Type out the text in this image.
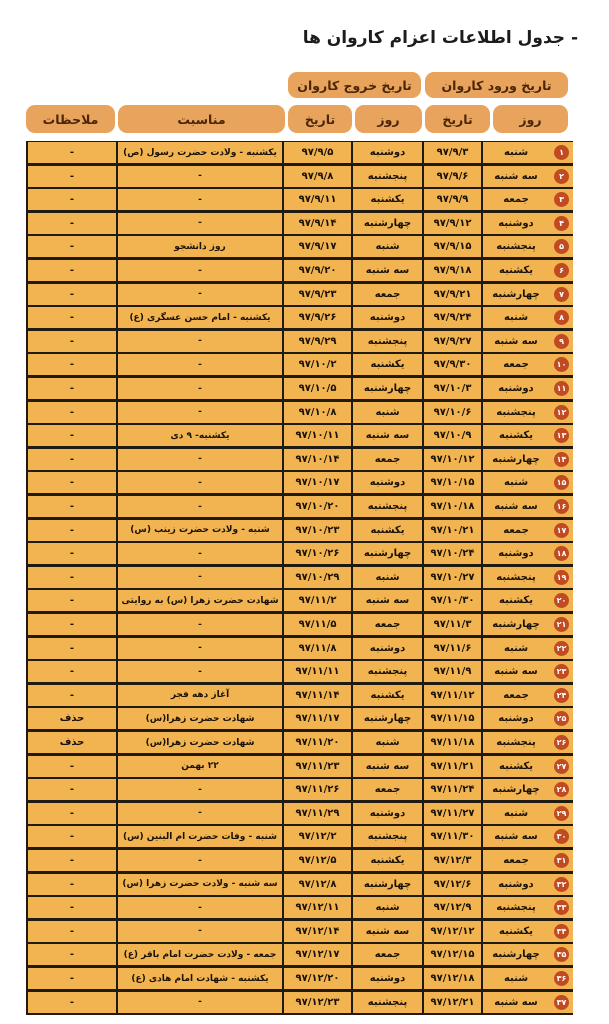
- جدول اطلاعات اعزام کاروان ها
تاریخ ورود کاروان
تاریخ خروج کاروان
روز
تاریخ
روز
تاریخ
مناسبت
ملاحظات
۱
شنبه
۹۷/۹/۳
دوشنبه
۹۷/۹/۵
یکشنبه - ولادت حضرت رسول (ص)
-
۲
سه شنبه
۹۷/۹/۶
پنجشنبه
۹۷/۹/۸
-
-
۳
جمعه
۹۷/۹/۹
یکشنبه
۹۷/۹/۱۱
-
-
۴
دوشنبه
۹۷/۹/۱۲
چهارشنبه
۹۷/۹/۱۴
-
-
۵
پنجشنبه
۹۷/۹/۱۵
شنبه
۹۷/۹/۱۷
روز دانشجو
-
۶
یکشنبه
۹۷/۹/۱۸
سه شنبه
۹۷/۹/۲۰
-
-
۷
چهارشنبه
۹۷/۹/۲۱
جمعه
۹۷/۹/۲۳
-
-
۸
شنبه
۹۷/۹/۲۴
دوشنبه
۹۷/۹/۲۶
یکشنبه - امام حسن عسگری (ع)
-
۹
سه شنبه
۹۷/۹/۲۷
پنجشنبه
۹۷/۹/۲۹
-
-
۱۰
جمعه
۹۷/۹/۳۰
یکشنبه
۹۷/۱۰/۲
-
-
۱۱
دوشنبه
۹۷/۱۰/۳
چهارشنبه
۹۷/۱۰/۵
-
-
۱۲
پنجشنبه
۹۷/۱۰/۶
شنبه
۹۷/۱۰/۸
-
-
۱۳
یکشنبه
۹۷/۱۰/۹
سه شنبه
۹۷/۱۰/۱۱
یکشنبه- ۹ دی
-
۱۴
چهارشنبه
۹۷/۱۰/۱۲
جمعه
۹۷/۱۰/۱۴
-
-
۱۵
شنبه
۹۷/۱۰/۱۵
دوشنبه
۹۷/۱۰/۱۷
-
-
۱۶
سه شنبه
۹۷/۱۰/۱۸
پنجشنبه
۹۷/۱۰/۲۰
-
-
۱۷
جمعه
۹۷/۱۰/۲۱
یکشنبه
۹۷/۱۰/۲۳
شنبه - ولادت حضرت زینب (س)
-
۱۸
دوشنبه
۹۷/۱۰/۲۴
چهارشنبه
۹۷/۱۰/۲۶
-
-
۱۹
پنجشنبه
۹۷/۱۰/۲۷
شنبه
۹۷/۱۰/۲۹
-
-
۲۰
یکشنبه
۹۷/۱۰/۳۰
سه شنبه
۹۷/۱۱/۲
شهادت حضرت زهرا (س) به روایتی
-
۲۱
چهارشنبه
۹۷/۱۱/۳
جمعه
۹۷/۱۱/۵
-
-
۲۲
شنبه
۹۷/۱۱/۶
دوشنبه
۹۷/۱۱/۸
-
-
۲۳
سه شنبه
۹۷/۱۱/۹
پنجشنبه
۹۷/۱۱/۱۱
-
-
۲۴
جمعه
۹۷/۱۱/۱۲
یکشنبه
۹۷/۱۱/۱۴
آغاز دهه فجر
-
۲۵
دوشنبه
۹۷/۱۱/۱۵
چهارشنبه
۹۷/۱۱/۱۷
شهادت حضرت زهرا(س)
حذف
۲۶
پنجشنبه
۹۷/۱۱/۱۸
شنبه
۹۷/۱۱/۲۰
شهادت حضرت زهرا(س)
حذف
۲۷
یکشنبه
۹۷/۱۱/۲۱
سه شنبه
۹۷/۱۱/۲۳
۲۲ بهمن
-
۲۸
چهارشنبه
۹۷/۱۱/۲۴
جمعه
۹۷/۱۱/۲۶
-
-
۲۹
شنبه
۹۷/۱۱/۲۷
دوشنبه
۹۷/۱۱/۲۹
-
-
۳۰
سه شنبه
۹۷/۱۱/۳۰
پنجشنبه
۹۷/۱۲/۲
شنبه - وفات حضرت ام البنین (س)
-
۳۱
جمعه
۹۷/۱۲/۳
یکشنبه
۹۷/۱۲/۵
-
-
۳۲
دوشنبه
۹۷/۱۲/۶
چهارشنبه
۹۷/۱۲/۸
سه شنبه - ولادت حضرت زهرا (س)
-
۳۳
پنجشنبه
۹۷/۱۲/۹
شنبه
۹۷/۱۲/۱۱
-
-
۳۴
یکشنبه
۹۷/۱۲/۱۲
سه شنبه
۹۷/۱۲/۱۴
-
-
۳۵
چهارشنبه
۹۷/۱۲/۱۵
جمعه
۹۷/۱۲/۱۷
جمعه - ولادت حضرت امام باقر (ع)
-
۳۶
شنبه
۹۷/۱۲/۱۸
دوشنبه
۹۷/۱۲/۲۰
یکشنبه - شهادت امام هادی (ع)
-
۳۷
سه شنبه
۹۷/۱۲/۲۱
پنجشنبه
۹۷/۱۲/۲۳
-
-
